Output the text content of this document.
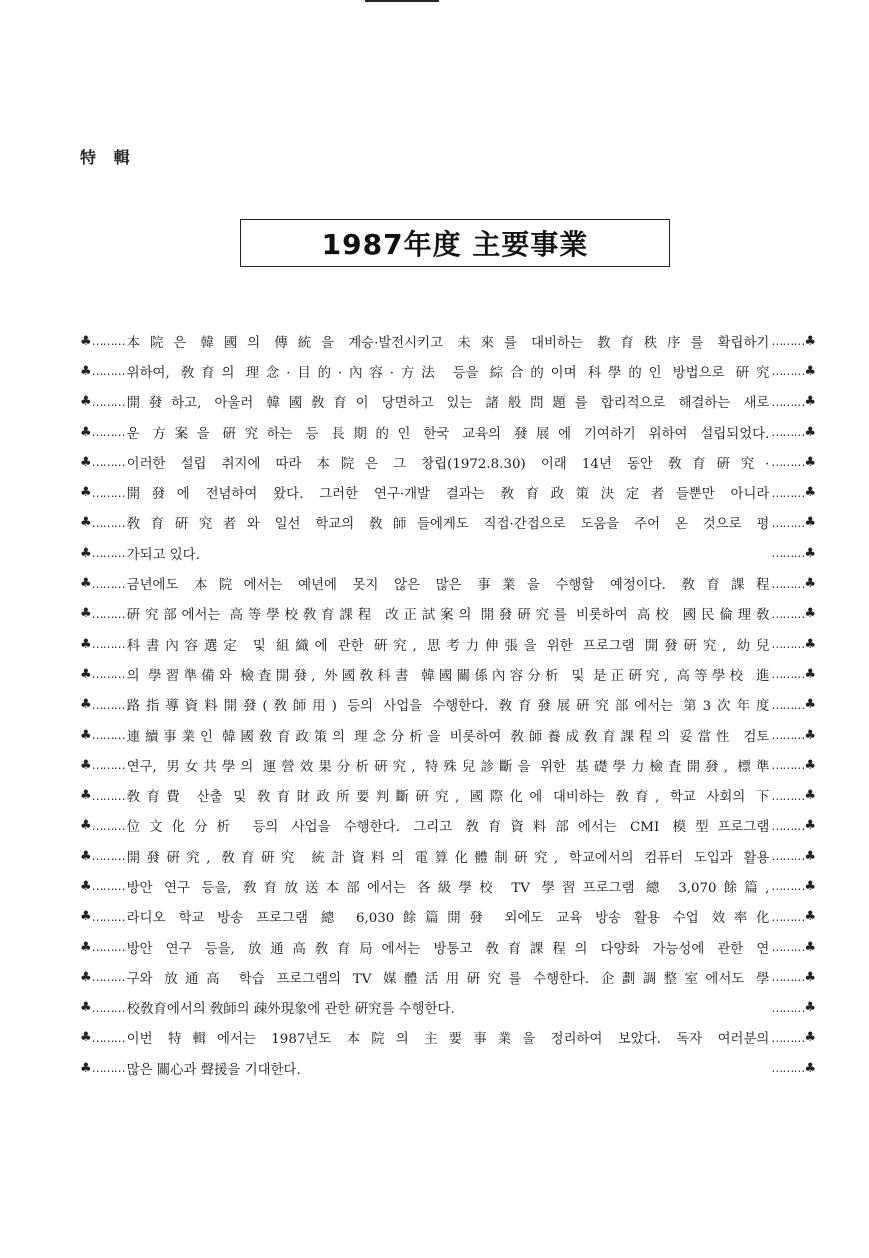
特 輯
1987年度 主要事業
♣ ……… 本院은 韓國의 傳統을 계승·발전시키고 未來를 대비하는 教育秩序를 확립하기 ……… ♣
♣ ……… 위하여, 敎育의 理念·目的·內容·方法 등을 綜合的이며 科學的인 방법으로 硏究 ……… ♣
♣ ……… 開發하고, 아울러 韓國敎育이 당면하고 있는 諸般問題를 합리적으로 해결하는 새로 ……… ♣
♣ ……… 운 方案을 硏究하는 등 長期的인 한국 교육의 發展에 기여하기 위하여 설립되었다. ……… ♣
♣ ……… 이러한 설립 취지에 따라 本院은 그 창립(1972.8.30) 이래 14년 동안 敎育硏究· ……… ♣
♣ ……… 開發에 전념하여 왔다. 그러한 연구·개발 결과는 敎育政策決定者들뿐만 아니라 ……… ♣
♣ ……… 敎育硏究者와 일선 학교의 敎師들에게도 직접·간접으로 도움을 주어 온 것으로 평 ……… ♣
♣ ……… 가되고 있다.	……… ♣
♣ ……… 금년에도 本院에서는 예년에 못지 않은 많은 事業을 수행할 예정이다. 敎育課程 ……… ♣
♣ ……… 硏究部에서는 高等學校敎育課程 改正試案의 開發硏究를 비롯하여 高校 國民倫理敎 ……… ♣
♣ ……… 科書內容選定 및 組織에 관한 硏究, 思考力伸張을 위한 프로그램 開發硏究, 幼兒 ……… ♣
♣ ……… 의 學習準備와 檢査開發, 外國敎科書 韓國關係內容分析 및 是正硏究, 高等學校 進 ……… ♣
♣ ……… 路指導資料開發(敎師用) 등의 사업을 수행한다. 敎育發展硏究部에서는 第3次年度 ……… ♣
♣ ……… 連續事業인 韓國敎育政策의 理念分析을 비롯하여 敎師養成敎育課程의 妥當性 검토 ……… ♣
♣ ……… 연구, 男女共學의 運營效果分析硏究, 特殊兒診斷을 위한 基礎學力檢査開發, 標準 ……… ♣
♣ ……… 敎育費 산출 및 敎育財政所要判斷硏究, 國際化에 대비하는 敎育, 학교 사회의 下 ……… ♣
♣ ……… 位文化分析 등의 사업을 수행한다. 그리고 敎育資料部에서는 CMI 模型프로그램 ……… ♣
♣ ……… 開發硏究, 敎育硏究 統計資料의 電算化體制硏究, 학교에서의 컴퓨터 도입과 활용 ……… ♣
♣ ……… 방안 연구 등을, 敎育放送本部에서는 各級學校 TV 學習프로그램 總 3,070餘篇, ……… ♣
♣ ……… 라디오 학교 방송 프로그램 總 6,030餘篇開發 외에도 교육 방송 활용 수업 效率化 ……… ♣
♣ ……… 방안 연구 등을, 放通高敎育局에서는 방통고 敎育課程의 다양화 가능성에 관한 연 ……… ♣
♣ ……… 구와 放通高 학습 프로그램의 TV 媒體活用硏究를 수행한다. 企劃調整室에서도 學 ……… ♣
♣ ……… 校敎育에서의 敎師의 疎外現象에 관한 硏究를 수행한다.	……… ♣
♣ ……… 이번 特輯에서는 1987년도 本院의 主要事業을 정리하여 보았다. 독자 여러분의 ……… ♣
♣ ……… 많은 關心과 聲援을 기대한다.	……… ♣
